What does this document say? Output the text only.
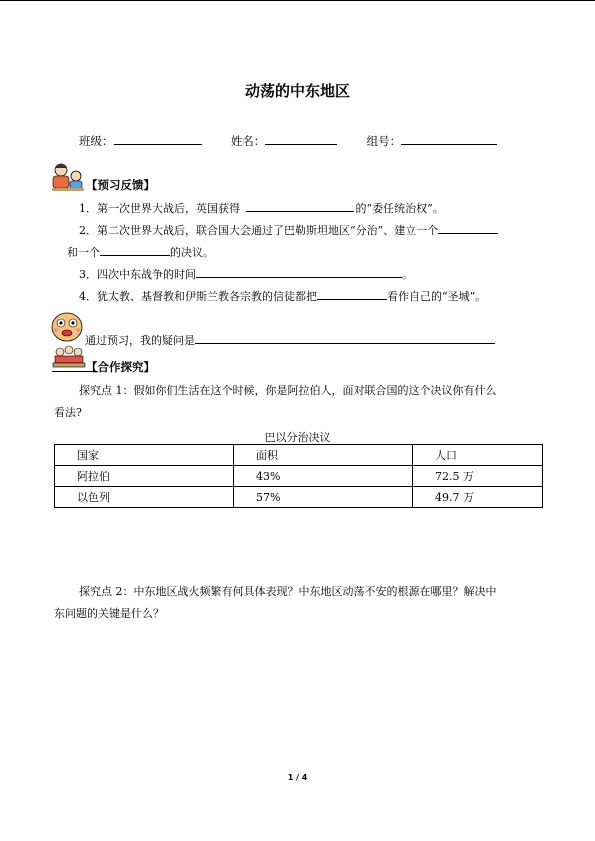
动荡的中东地区
班级：	姓名：	组号：
【预习反馈】
1．第一次世界大战后，英国获得	的“委任统治权”。
2．第二次世界大战后，联合国大会通过了巴勒斯坦地区“分治”、建立一个
和一个	的决议。
3．四次中东战争的时间	。
4．犹太教、基督教和伊斯兰教各宗教的信徒都把	看作自己的“圣城”。
通过预习，我的疑问是
【合作探究】
探究点 1：假如你们生活在这个时候，你是阿拉伯人，面对联合国的这个决议你有什么
看法?
巴以分治决议
国家	面积	人口
阿拉伯	43%	72.5 万
以色列	57%	49.7 万
探究点 2：中东地区战火频繁有何具体表现？中东地区动荡不安的根源在哪里？解决中
东问题的关键是什么？
1 / 4
